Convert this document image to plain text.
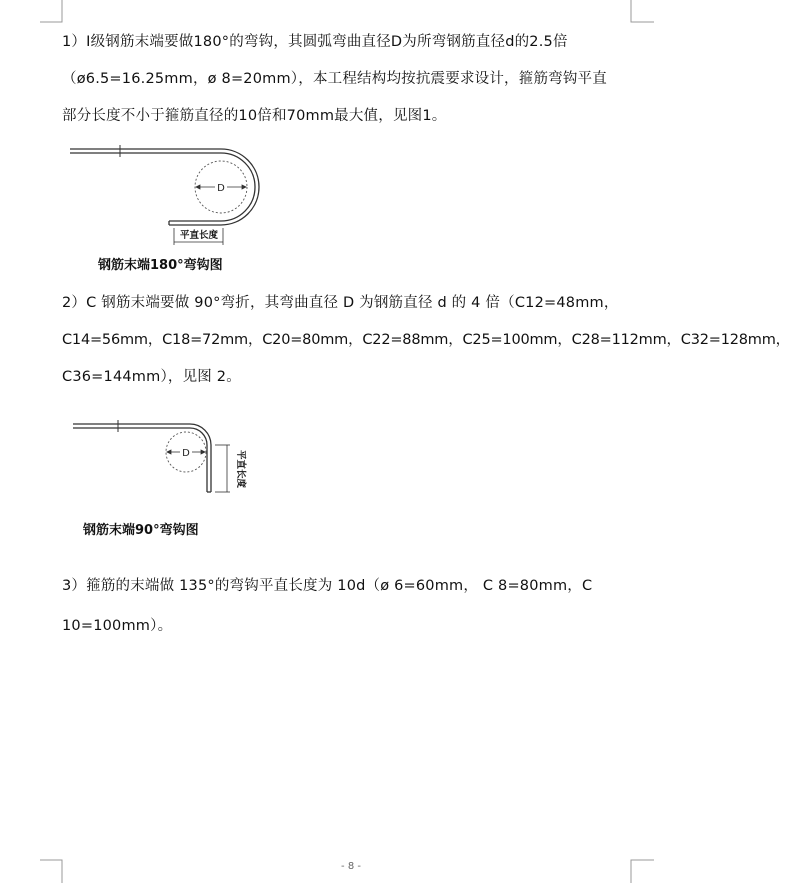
1）I级钢筋末端要做180°的弯钩，其圆弧弯曲直径D为所弯钢筋直径d的2.5倍
（ø6.5=16.25mm，ø 8=20mm），本工程结构均按抗震要求设计，箍筋弯钩平直
部分长度不小于箍筋直径的10倍和70mm最大值，见图1。
D
平直长度
钢筋末端180°弯钩图
2）C 钢筋末端要做 90°弯折，其弯曲直径 D 为钢筋直径 d 的 4 倍（C12=48mm，
C14=56mm，C18=72mm，C20=80mm，C22=88mm，C25=100mm，C28=112mm，C32=128mm，
C36=144mm），见图 2。
D	平直长度
钢筋末端90°弯钩图
3）箍筋的末端做 135°的弯钩平直长度为 10d（ø 6=60mm， C 8=80mm，C
10=100mm）。
- 8 -
